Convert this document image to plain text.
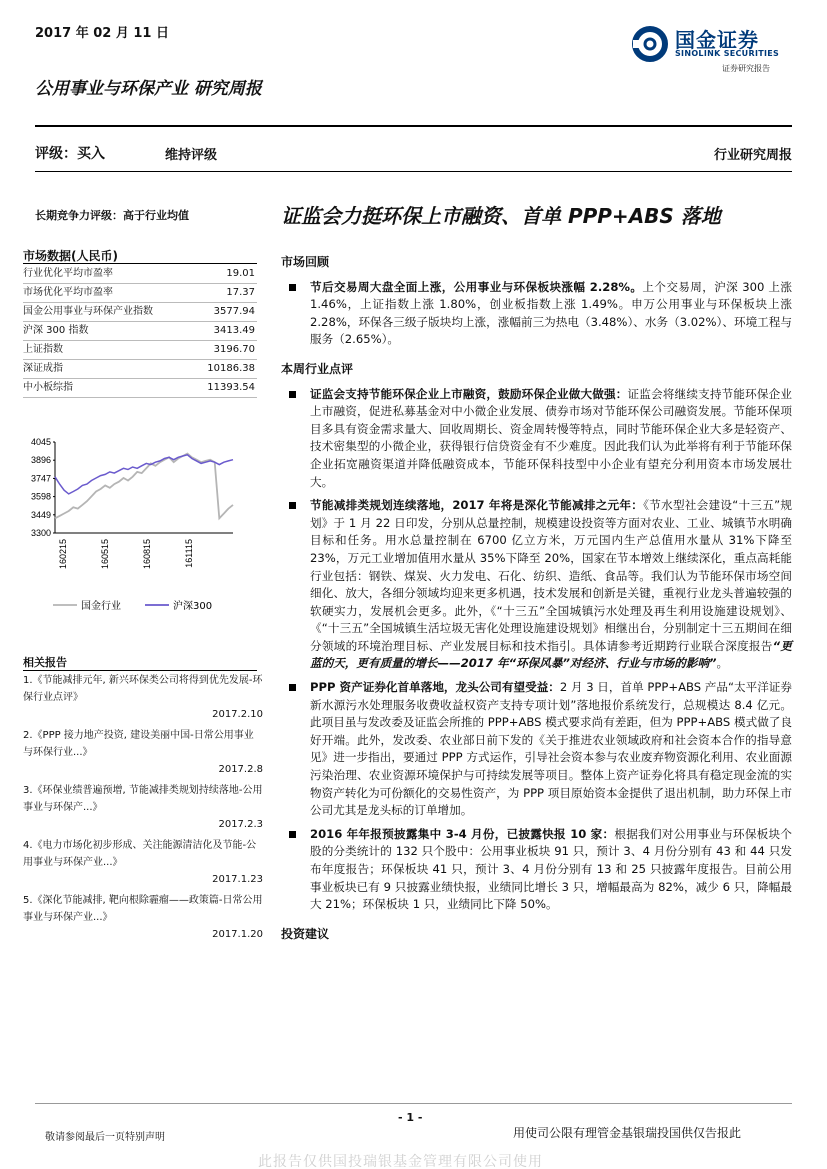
2017 年 02 月 11 日
公用事业与环保产业 研究周报
国金证券
SINOLINK SECURITIES
证券研究报告
评级：买入	维持评级	行业研究周报
长期竞争力评级：高于行业均值
市场数据(人民币)
行业优化平均市盈率	19.01
市场优化平均市盈率	17.37
国金公用事业与环保产业指数	3577.94
沪深 300 指数	3413.49
上证指数	3196.70
深证成指	10186.38
中小板综指	11393.54
4045
3896
3747
3598
3449
3300
160215	160515	160815	161115
国金行业	沪深300
相关报告
1.《节能减排元年, 新兴环保类公司将得到优先发展-环保行业点评》
2017.2.10
2.《PPP 接力地产投资, 建设美丽中国-日常公用事业与环保行业...》
2017.2.8
3.《环保业绩普遍预增, 节能减排类规划持续落地-公用事业与环保产...》
2017.2.3
4.《电力市场化初步形成、关注能源清洁化及节能-公用事业与环保产业...》
2017.1.23
5.《深化节能减排, 靶向根除霾瘤——政策篇-日常公用事业与环保产业...》
2017.1.20
证监会力挺环保上市融资、首单 PPP+ABS 落地
市场回顾
节后交易周大盘全面上涨，公用事业与环保板块涨幅 2.28%。上个交易周，沪深 300 上涨 1.46%，上证指数上涨 1.80%，创业板指数上涨 1.49%。申万公用事业与环保板块上涨 2.28%，环保各三级子版块均上涨，涨幅前三为热电（3.48%）、水务（3.02%）、环境工程与服务（2.65%）。
本周行业点评
证监会支持节能环保企业上市融资，鼓励环保企业做大做强：证监会将继续支持节能环保企业上市融资，促进私募基金对中小微企业发展、债券市场对节能环保公司融资发展。节能环保项目多具有资金需求量大、回收周期长、资金周转慢等特点，同时节能环保企业大多是轻资产、技术密集型的小微企业，获得银行信贷资金有不少难度。因此我们认为此举将有利于节能环保企业拓宽融资渠道并降低融资成本，节能环保科技型中小企业有望充分利用资本市场发展壮大。
节能减排类规划连续落地，2017 年将是深化节能减排之元年：《节水型社会建设“十三五”规划》于 1 月 22 日印发，分别从总量控制，规模建设投资等方面对农业、工业、城镇节水明确目标和任务。用水总量控制在 6700 亿立方米，万元国内生产总值用水量从 31%下降至 23%，万元工业增加值用水量从 35%下降至 20%，国家在节本增效上继续深化，重点高耗能行业包括：钢铁、煤炭、火力发电、石化、纺织、造纸、食品等。我们认为节能环保市场空间细化、放大，各细分领域均迎来更多机遇，技术发展和创新是关键，重视行业龙头普遍较强的软硬实力，发展机会更多。此外，《“十三五”全国城镇污水处理及再生利用设施建设规划》、《“十三五”全国城镇生活垃圾无害化处理设施建设规划》相继出台，分别制定十三五期间在细分领域的环境治理目标、产业发展目标和技术指引。具体请参考近期跨行业联合深度报告“更蓝的天，更有质量的增长——2017 年“环保风暴”对经济、行业与市场的影响”。
PPP 资产证券化首单落地，龙头公司有望受益：2 月 3 日，首单 PPP+ABS 产品“太平洋证券新水源污水处理服务收费收益权资产支持专项计划”落地报价系统发行，总规模达 8.4 亿元。此项目虽与发改委及证监会所推的 PPP+ABS 模式要求尚有差距，但为 PPP+ABS 模式做了良好开端。此外，发改委、农业部日前下发的《关于推进农业领域政府和社会资本合作的指导意见》进一步指出，要通过 PPP 方式运作，引导社会资本参与农业废弃物资源化利用、农业面源污染治理、农业资源环境保护与可持续发展等项目。整体上资产证券化将具有稳定现金流的实物资产转化为可份额化的交易性资产，为 PPP 项目原始资本金提供了退出机制，助力环保上市公司尤其是龙头标的订单增加。
2016 年年报预披露集中 3-4 月份，已披露快报 10 家：根据我们对公用事业与环保板块个股的分类统计的 132 只个股中：公用事业板块 91 只，预计 3、4 月份分别有 43 和 44 只发布年度报告；环保板块 41 只，预计 3、4 月份分别有 13 和 25 只披露年度报告。目前公用事业板块已有 9 只披露业绩快报，业绩同比增长 3 只，增幅最高为 82%，减少 6 只，降幅最大 21%；环保板块 1 只，业绩同比下降 50%。
投资建议
- 1 -
敬请参阅最后一页特别声明	用使司公限有理管金基银瑞投国供仅告报此
此报告仅供国投瑞银基金管理有限公司使用
